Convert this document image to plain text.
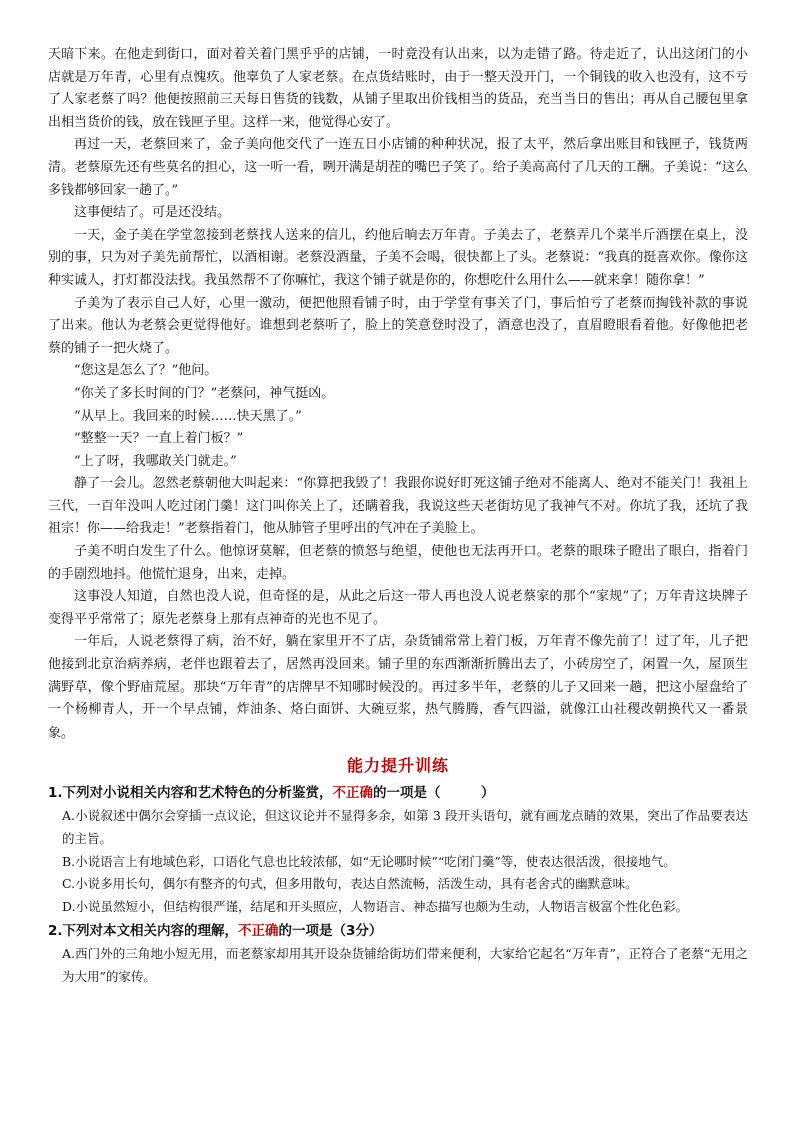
天暗下来。在他走到街口，面对着关着门黑乎乎的店铺，一时竟没有认出来，以为走错了路。待走近了，认出这闭门的小店就是万年青，心里有点愧疚。他辜负了人家老蔡。在点货结账时，由于一整天没开门，一个铜钱的收入也没有，这不亏了人家老蔡了吗？他便按照前三天每日售货的钱数，从铺子里取出价钱相当的货品，充当当日的售出；再从自己腰包里拿出相当货价的钱，放在钱匣子里。这样一来，他觉得心安了。

再过一天，老蔡回来了，金子美向他交代了一连五日小店铺的种种状况，报了太平，然后拿出账目和钱匣子，钱货两清。老蔡原先还有些莫名的担心，这一听一看，咧开满是胡茬的嘴巴子笑了。给子美高高付了几天的工酬。子美说：“这么多钱都够回家一趟了。”

这事便结了。可是还没结。

一天，金子美在学堂忽接到老蔡找人送来的信儿，约他后晌去万年青。子美去了，老蔡弄几个菜半斤酒摆在桌上，没别的事，只为对子美先前帮忙，以酒相谢。老蔡没酒量，子美不会喝，很快都上了头。老蔡说：“我真的挺喜欢你。像你这种实诚人，打灯都没法找。我虽然帮不了你嘛忙，我这个铺子就是你的，你想吃什么用什么——就来拿！随你拿！”

子美为了表示自己人好，心里一激动，便把他照看铺子时，由于学堂有事关了门，事后怕亏了老蔡而掏钱补款的事说了出来。他认为老蔡会更觉得他好。谁想到老蔡听了，脸上的笑意登时没了，酒意也没了，直眉瞪眼看着他。好像他把老蔡的铺子一把火烧了。

“您这是怎么了？”他问。

“你关了多长时间的门？”老蔡问，神气挺凶。

“从早上。我回来的时候……快天黑了。”

“整整一天？一直上着门板？”

“上了呀，我哪敢关门就走。”

静了一会儿。忽然老蔡朝他大叫起来：“你算把我毁了！我跟你说好盯死这铺子绝对不能离人、绝对不能关门！我祖上三代，一百年没叫人吃过闭门羹！这门叫你关上了，还瞒着我，我说这些天老街坊见了我神气不对。你坑了我，还坑了我祖宗！你——给我走！”老蔡指着门，他从肺管子里呼出的气冲在子美脸上。

子美不明白发生了什么。他惊讶莫解，但老蔡的愤怒与绝望，使他也无法再开口。老蔡的眼珠子瞪出了眼白，指着门的手剧烈地抖。他慌忙退身，出来，走掉。

这事没人知道，自然也没人说，但奇怪的是，从此之后这一带人再也没人说老蔡家的那个“家规”了；万年青这块牌子变得平乎常常了；原先老蔡身上那有点神奇的光也不见了。

一年后，人说老蔡得了病，治不好，躺在家里开不了店，杂货铺常常上着门板，万年青不像先前了！过了年，儿子把他接到北京治病养病，老伴也跟着去了，居然再没回来。铺子里的东西渐渐折腾出去了，小砖房空了，闲置一久，屋顶生满野草，像个野庙荒屋。那块“万年青”的店牌早不知哪时候没的。再过多半年，老蔡的儿子又回来一趟，把这小屋盘给了一个杨柳青人，开一个早点铺，炸油条、烙白面饼、大碗豆浆，热气腾腾，香气四溢，就像江山社稷改朝换代又一番景象。

能力提升训练

1.下列对小说相关内容和艺术特色的分析鉴赏，不正确的一项是（　　　）

A.小说叙述中偶尔会穿插一点议论，但这议论并不显得多余，如第 3 段开头语句，就有画龙点睛的效果，突出了作品要表达的主旨。

B.小说语言上有地域色彩，口语化气息也比较浓郁，如“无论哪时候”“吃闭门羹”等，使表达很活泼，很接地气。

C.小说多用长句，偶尔有整齐的句式，但多用散句，表达自然流畅，活泼生动，具有老舍式的幽默意味。

D.小说虽然短小，但结构很严谨，结尾和开头照应，人物语言、神态描写也颇为生动，人物语言极富个性化色彩。

2.下列对本文相关内容的理解，不正确的一项是（3分）

A.西门外的三角地小短无用，而老蔡家却用其开设杂货铺给街坊们带来便利，大家给它起名“万年青”，正符合了老蔡“无用之为大用”的家传。
